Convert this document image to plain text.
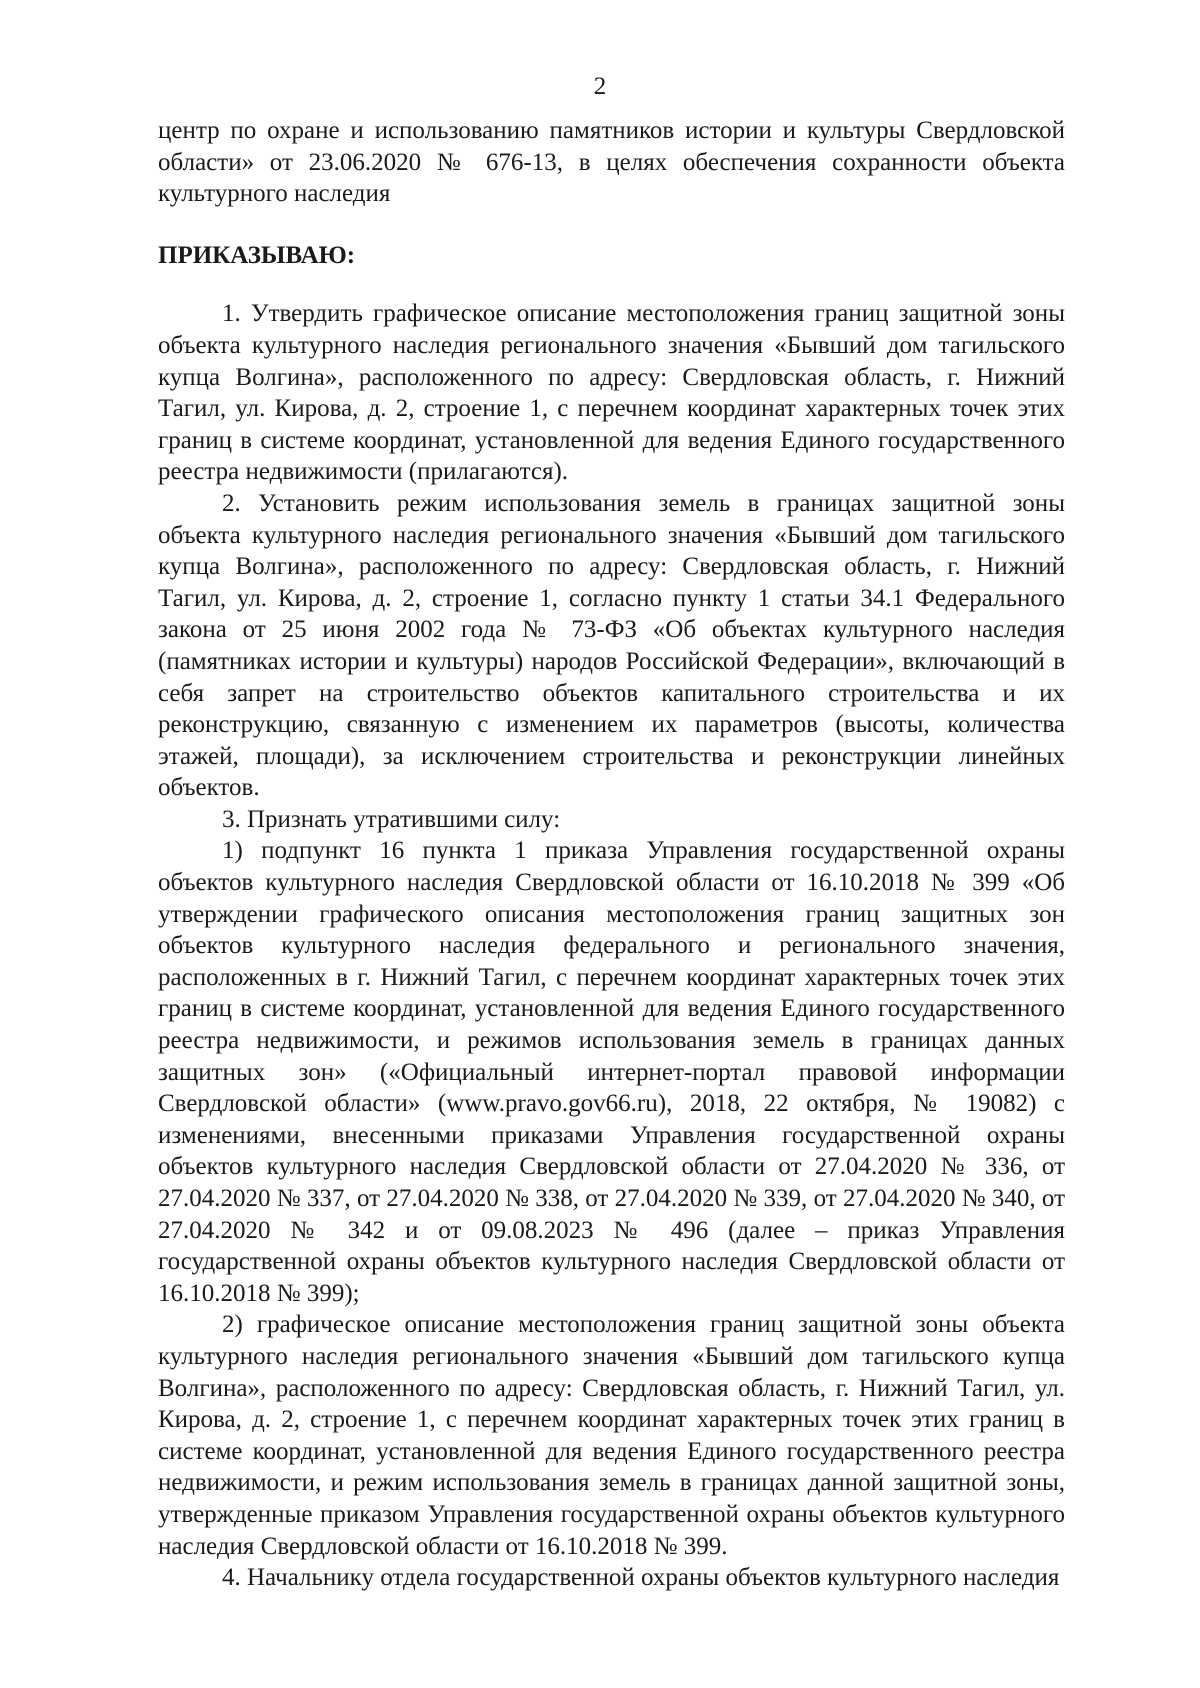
2

центр по охране и использованию памятников истории и культуры Свердловской области» от 23.06.2020 № 676-13, в целях обеспечения сохранности объекта культурного наследия

ПРИКАЗЫВАЮ:

1. Утвердить графическое описание местоположения границ защитной зоны объекта культурного наследия регионального значения «Бывший дом тагильского купца Волгина», расположенного по адресу: Свердловская область, г. Нижний Тагил, ул. Кирова, д. 2, строение 1, с перечнем координат характерных точек этих границ в системе координат, установленной для ведения Единого государственного реестра недвижимости (прилагаются).

2. Установить режим использования земель в границах защитной зоны объекта культурного наследия регионального значения «Бывший дом тагильского купца Волгина», расположенного по адресу: Свердловская область, г. Нижний Тагил, ул. Кирова, д. 2, строение 1, согласно пункту 1 статьи 34.1 Федерального закона от 25 июня 2002 года № 73-ФЗ «Об объектах культурного наследия (памятниках истории и культуры) народов Российской Федерации», включающий в себя запрет на строительство объектов капитального строительства и их реконструкцию, связанную с изменением их параметров (высоты, количества этажей, площади), за исключением строительства и реконструкции линейных объектов.

3. Признать утратившими силу:

1) подпункт 16 пункта 1 приказа Управления государственной охраны объектов культурного наследия Свердловской области от 16.10.2018 № 399 «Об утверждении графического описания местоположения границ защитных зон объектов культурного наследия федерального и регионального значения, расположенных в г. Нижний Тагил, с перечнем координат характерных точек этих границ в системе координат, установленной для ведения Единого государственного реестра недвижимости, и режимов использования земель в границах данных защитных зон» («Официальный интернет-портал правовой информации Свердловской области» (www.pravo.gov66.ru), 2018, 22 октября, № 19082) с изменениями, внесенными приказами Управления государственной охраны объектов культурного наследия Свердловской области от 27.04.2020 № 336, от 27.04.2020 № 337, от 27.04.2020 № 338, от 27.04.2020 № 339, от 27.04.2020 № 340, от 27.04.2020 № 342 и от 09.08.2023 № 496 (далее – приказ Управления государственной охраны объектов культурного наследия Свердловской области от 16.10.2018 № 399);

2) графическое описание местоположения границ защитной зоны объекта культурного наследия регионального значения «Бывший дом тагильского купца Волгина», расположенного по адресу: Свердловская область, г. Нижний Тагил, ул. Кирова, д. 2, строение 1, с перечнем координат характерных точек этих границ в системе координат, установленной для ведения Единого государственного реестра недвижимости, и режим использования земель в границах данной защитной зоны, утвержденные приказом Управления государственной охраны объектов культурного наследия Свердловской области от 16.10.2018 № 399.

4. Начальнику отдела государственной охраны объектов культурного наследия
